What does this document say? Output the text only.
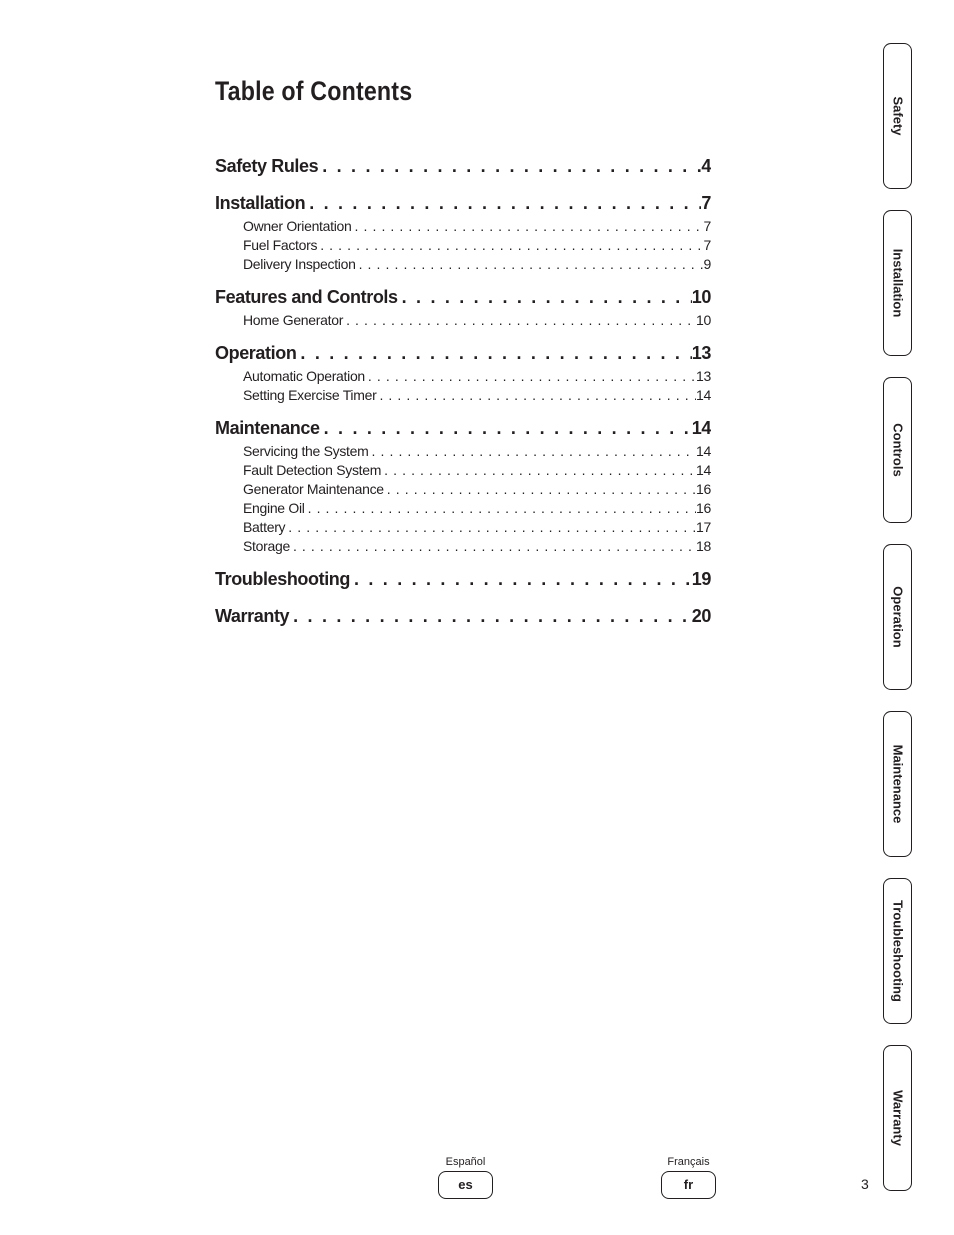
Table of Contents
Safety Rules . . .	4
Installation . . .	7
Owner Orientation . . .	7
Fuel Factors . . .	7
Delivery Inspection . . .	9
Features and Controls . . .	10
Home Generator . . .	10
Operation . . .	13
Automatic Operation . . .	13
Setting Exercise Timer . . .	14
Maintenance . . .	14
Servicing the System . . .	14
Fault Detection System . . .	14
Generator Maintenance . . .	16
Engine Oil . . .	16
Battery . . .	17
Storage . . .	18
Troubleshooting . . .	19
Warranty . . .	20
Safety
Installation
Controls
Operation
Maintenance
Troubleshooting
Warranty
Español
es
Français
fr	3
